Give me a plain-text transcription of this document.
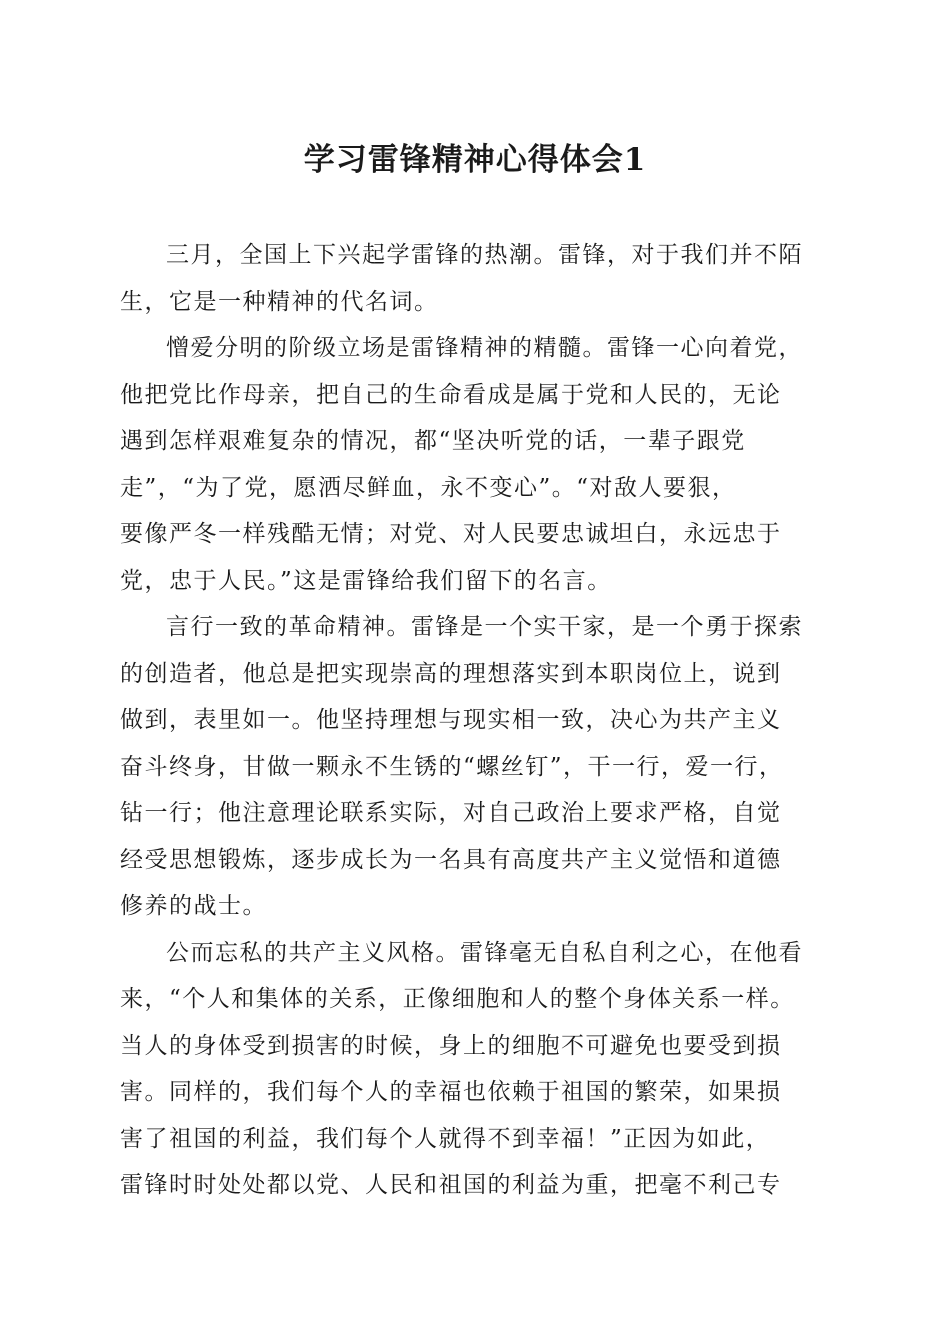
学习雷锋精神心得体会1
三月，全国上下兴起学雷锋的热潮。雷锋，对于我们并不陌
生，它是一种精神的代名词。
憎爱分明的阶级立场是雷锋精神的精髓。雷锋一心向着党，
他把党比作母亲，把自己的生命看成是属于党和人民的，无论
遇到怎样艰难复杂的情况，都“坚决听党的话，一辈子跟党
走”，“为了党，愿洒尽鲜血，永不变心”。“对敌人要狠，
要像严冬一样残酷无情；对党、对人民要忠诚坦白，永远忠于
党，忠于人民。”这是雷锋给我们留下的名言。
言行一致的革命精神。雷锋是一个实干家，是一个勇于探索
的创造者，他总是把实现崇高的理想落实到本职岗位上，说到
做到，表里如一。他坚持理想与现实相一致，决心为共产主义
奋斗终身，甘做一颗永不生锈的“螺丝钉”，干一行，爱一行，
钻一行；他注意理论联系实际，对自己政治上要求严格，自觉
经受思想锻炼，逐步成长为一名具有高度共产主义觉悟和道德
修养的战士。
公而忘私的共产主义风格。雷锋毫无自私自利之心，在他看
来，“个人和集体的关系，正像细胞和人的整个身体关系一样。
当人的身体受到损害的时候，身上的细胞不可避免也要受到损
害。同样的，我们每个人的幸福也依赖于祖国的繁荣，如果损
害了祖国的利益，我们每个人就得不到幸福！”正因为如此，
雷锋时时处处都以党、人民和祖国的利益为重，把毫不利己专
